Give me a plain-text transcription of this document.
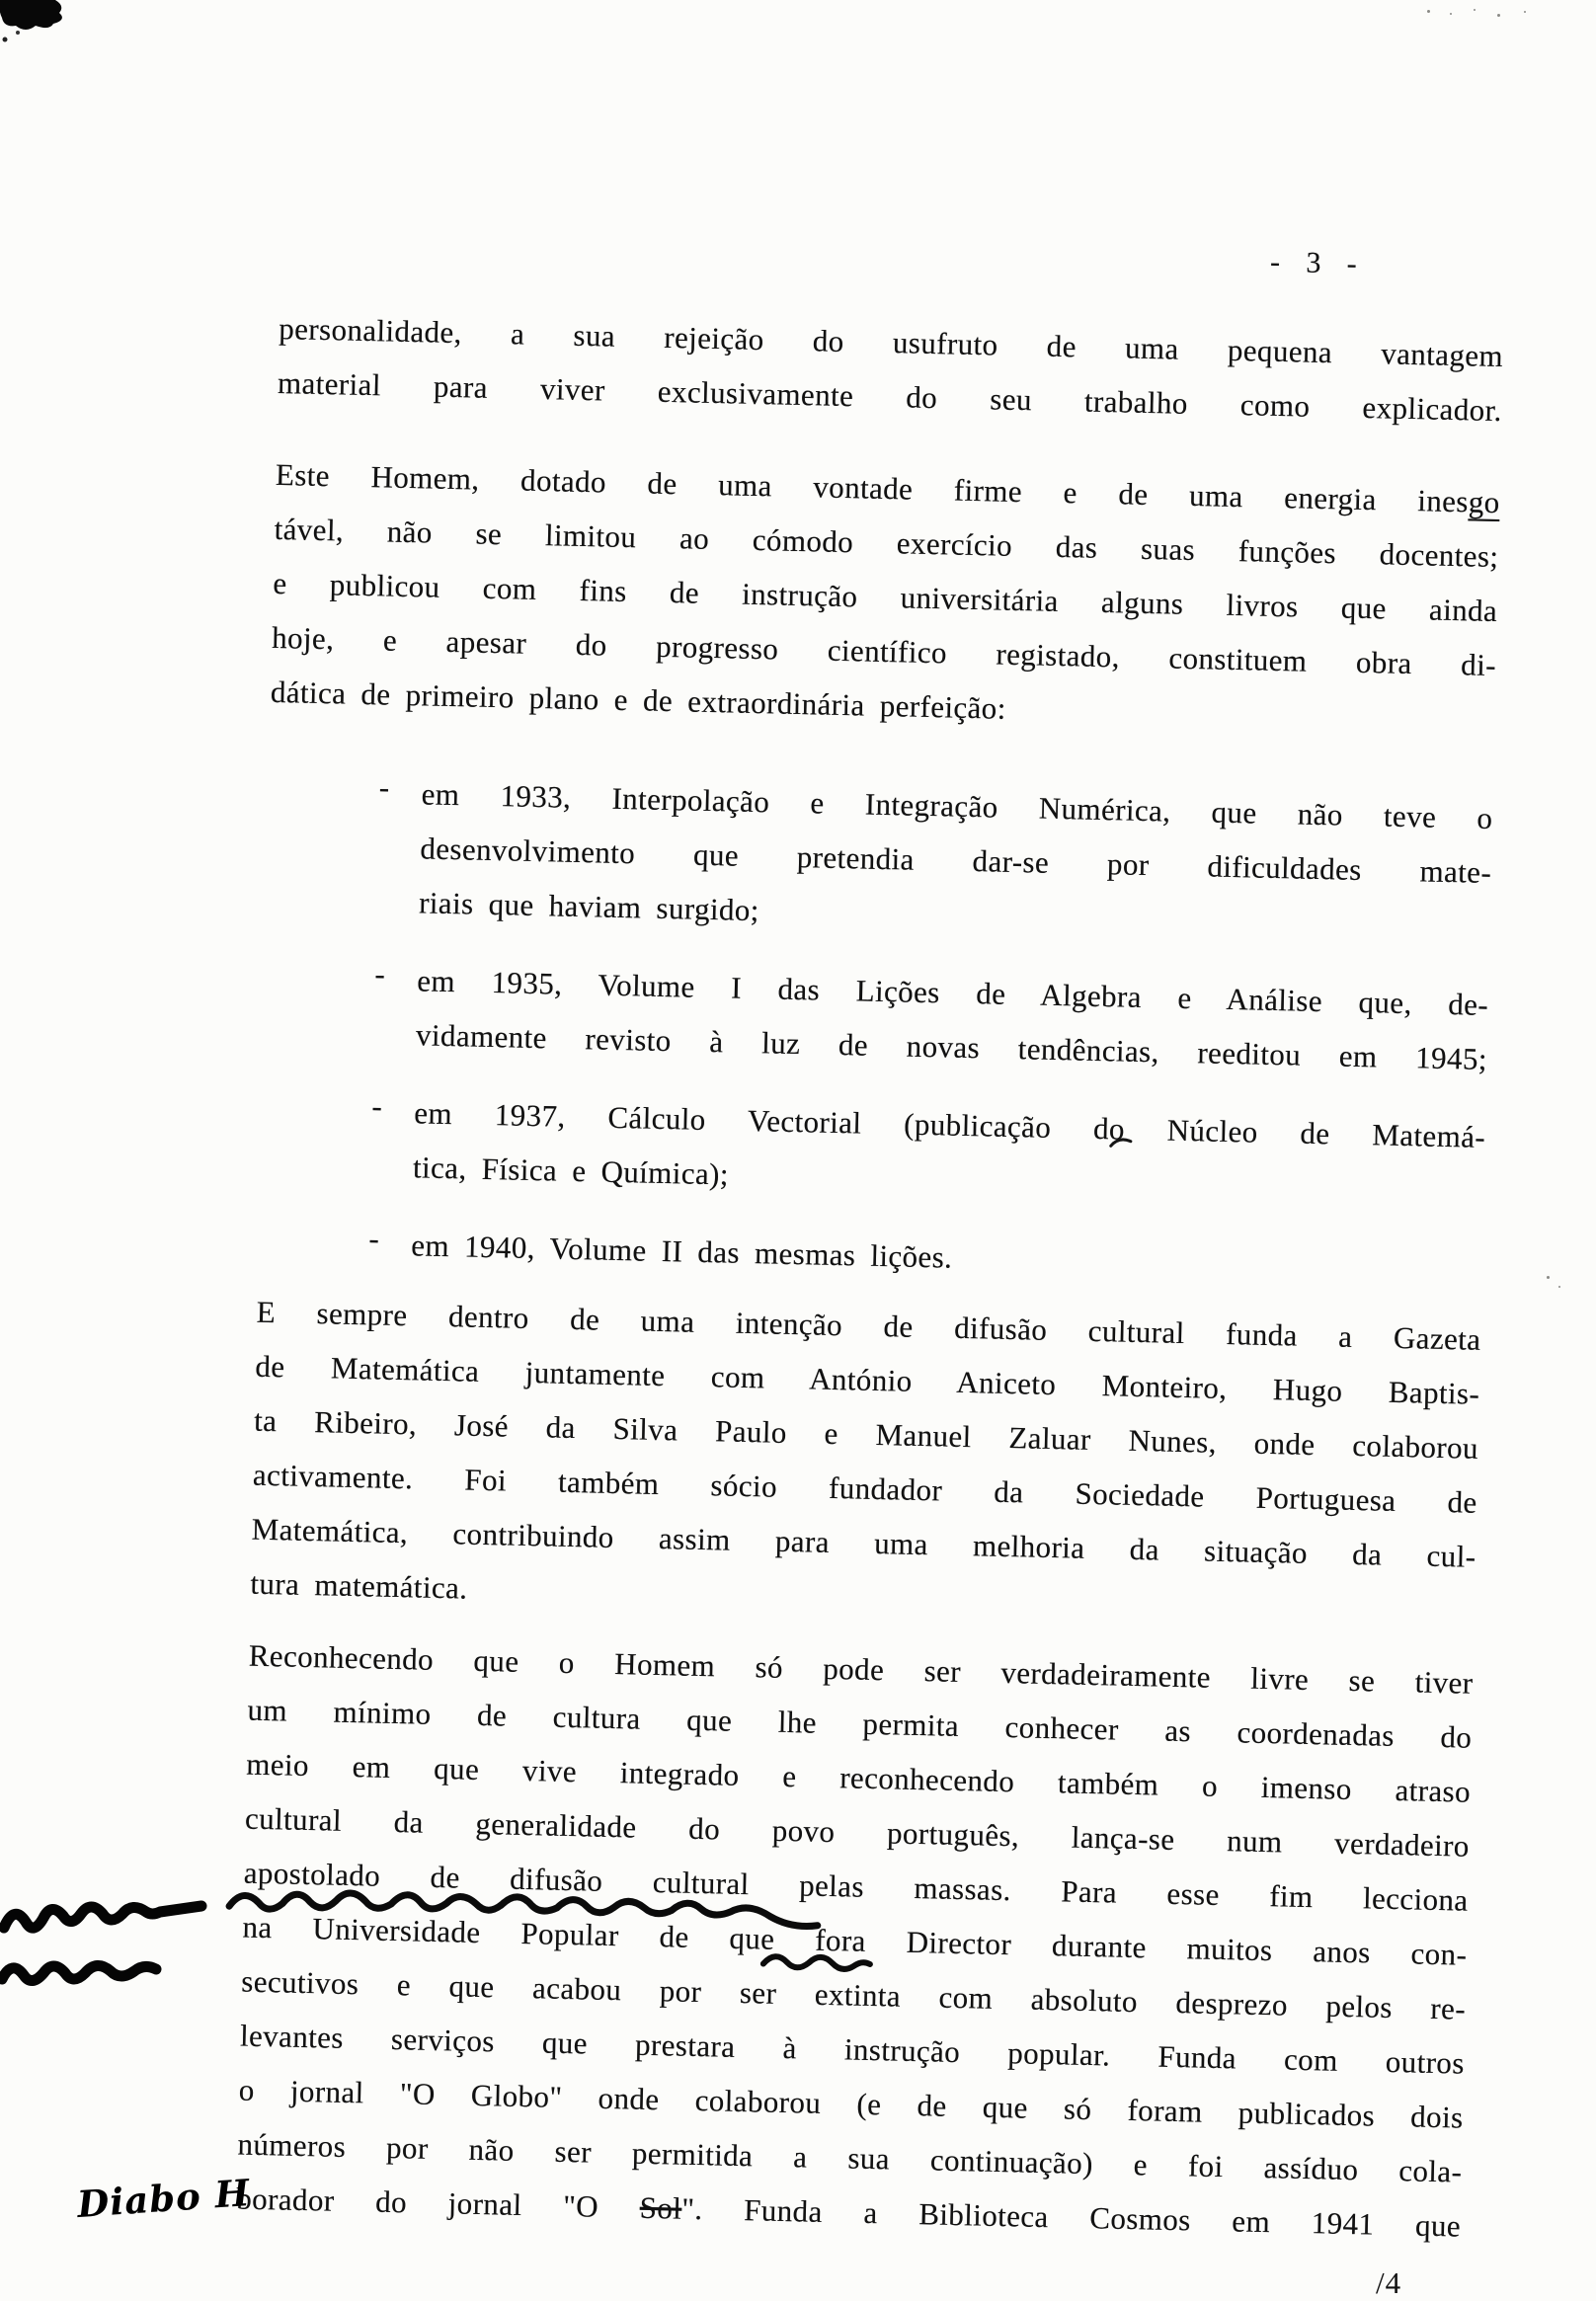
- 3 -
personalidade, a sua rejeição do usufruto de uma pequena vantagem
material para viver exclusivamente do seu trabalho como explicador.
Este Homem, dotado de uma vontade firme e de uma energia inesgo
tável, não se limitou ao cómodo exercício das suas funções docentes;
e publicou com fins de instrução universitária alguns livros que ainda
hoje, e apesar do progresso científico registado, constituem obra di-
dática de primeiro plano e de extraordinária perfeição:
- em 1933, Interpolação e Integração Numérica, que não teve o
desenvolvimento que pretendia dar-se por dificuldades mate-
riais que haviam surgido;
- em 1935, Volume I das Lições de Algebra e Análise que, de-
vidamente revisto à luz de novas tendências, reeditou em 1945;
- em 1937, Cálculo Vectorial (publicação do Núcleo de Matemá-
tica, Física e Química);
- em 1940, Volume II das mesmas lições.
E sempre dentro de uma intenção de difusão cultural funda a Gazeta
de Matemática juntamente com António Aniceto Monteiro, Hugo Baptis-
ta Ribeiro, José da Silva Paulo e Manuel Zaluar Nunes, onde colaborou
activamente. Foi também sócio fundador da Sociedade Portuguesa de
Matemática, contribuindo assim para uma melhoria da situação da cul-
tura matemática.
Reconhecendo que o Homem só pode ser verdadeiramente livre se tiver
um mínimo de cultura que lhe permita conhecer as coordenadas do
meio em que vive integrado e reconhecendo também o imenso atraso
cultural da generalidade do povo português, lança-se num verdadeiro
apostolado de difusão cultural pelas massas. Para esse fim lecciona
na Universidade Popular de que fora Director durante muitos anos con-
secutivos e que acabou por ser extinta com absoluto desprezo pelos re-
levantes serviços que prestara à instrução popular. Funda com outros
o jornal "O Globo" onde colaborou (e de que só foram publicados dois
números por não ser permitida a sua continuação) e foi assíduo cola-
borador do jornal "O Sol". Funda a Biblioteca Cosmos em 1941 que
Diabo H
/4
